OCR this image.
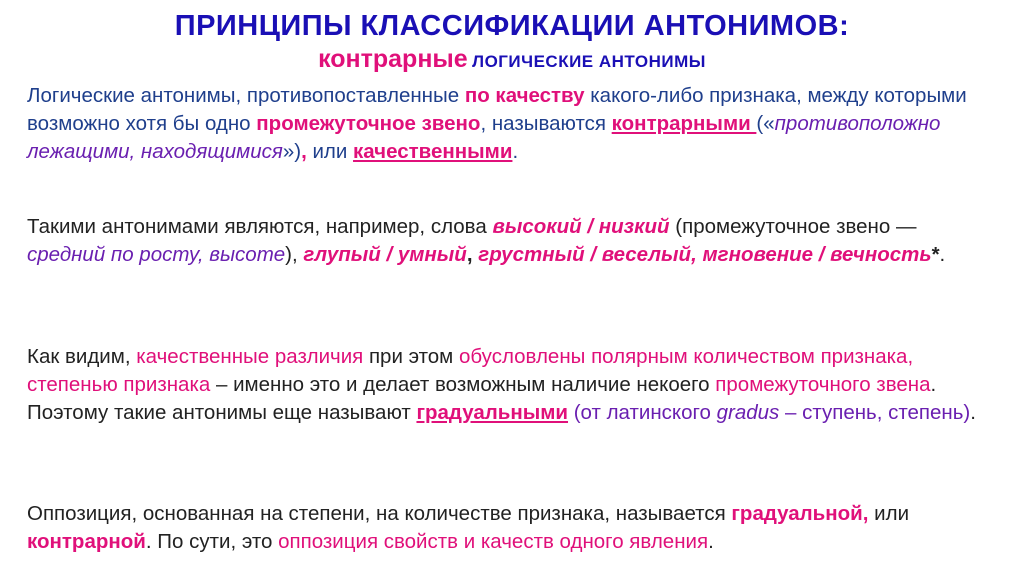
ПРИНЦИПЫ КЛАССИФИКАЦИИ АНТОНИМОВ:
контрарные ЛОГИЧЕСКИЕ АНТОНИМЫ
Логические антонимы, противопоставленные по качеству какого-либо признака, между которыми возможно хотя бы одно промежуточное звено, называются контрарными («противоположно лежащими, находящимися»), или качественными.
Такими антонимами являются, например, слова высокий / низкий (промежуточное звено — средний по росту, высоте), глупый / умный, грустный / веселый, мгновение / вечность*.
Как видим, качественные различия при этом обусловлены полярным количеством признака, степенью признака – именно это и делает возможным наличие некоего промежуточного звена. Поэтому такие антонимы еще называют градуальными (от латинского gradus – ступень, степень).
Оппозиция, основанная на степени, на количестве признака, называется градуальной, или контрарной. По сути, это оппозиция свойств и качеств одного явления.
